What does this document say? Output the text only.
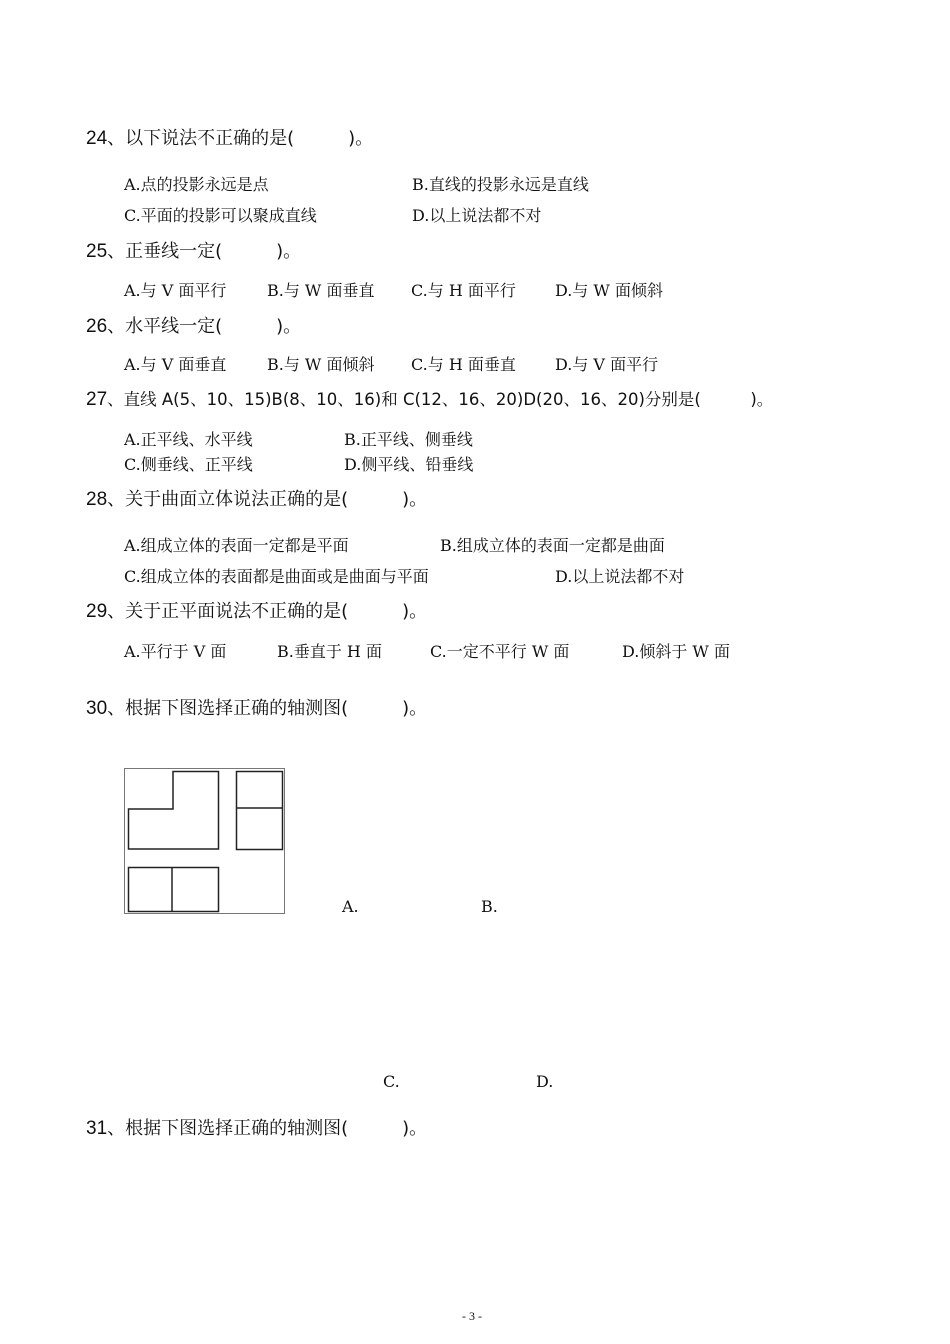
24、以下说法不正确的是(　　　)。
A.点的投影永远是点	B.直线的投影永远是直线
C.平面的投影可以聚成直线	D.以上说法都不对
25、正垂线一定(　　　)。
A.与 V 面平行	B.与 W 面垂直 C.与 H 面平行 D.与 W 面倾斜
26、水平线一定(　　　)。
A.与 V 面垂直	B.与 W 面倾斜 C.与 H 面垂直 D.与 V 面平行
27、直线 A(5、10、15)B(8、10、16)和 C(12、16、20)D(20、16、20)分别是(　　　)。
A.正平线、水平线	B.正平线、侧垂线
C.侧垂线、正平线	D.侧平线、铅垂线
28、关于曲面立体说法正确的是(　　　)。
A.组成立体的表面一定都是平面	B.组成立体的表面一定都是曲面
C.组成立体的表面都是曲面或是曲面与平面	D.以上说法都不对
29、关于正平面说法不正确的是(　　　)。
A.平行于 V 面	B.垂直于 H 面	C.一定不平行 W 面	D.倾斜于 W 面
30、根据下图选择正确的轴测图(　　　)。
A.	B.
C.	D.
31、根据下图选择正确的轴测图(　　　)。
- 3 -
